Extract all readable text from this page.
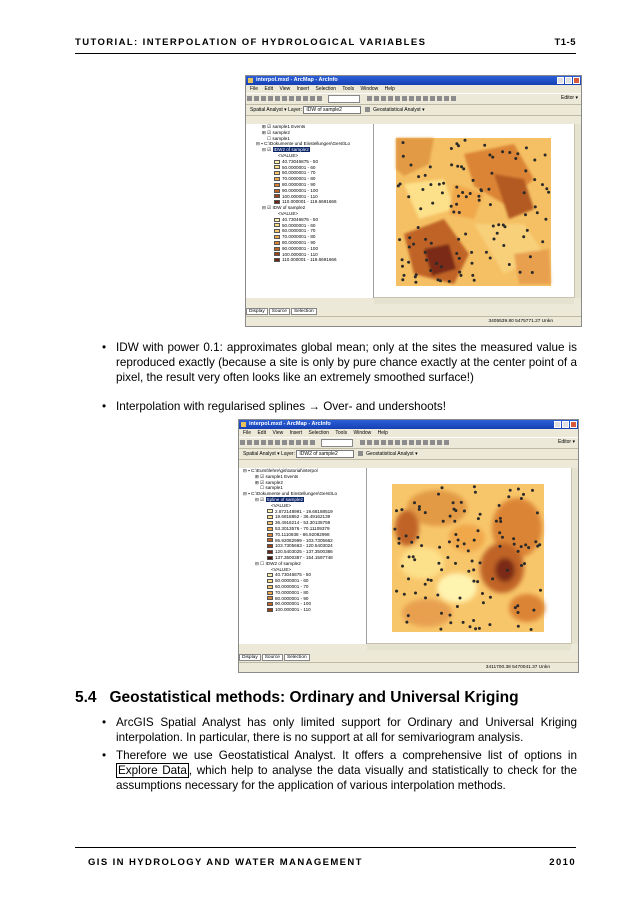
TUTORIAL: INTERPOLATION OF HYDROLOGICAL VARIABLES	T1-5
interpol.mxd - ArcMap - ArcInfo
File Edit View Insert Selection Tools Window Help

Editor ▾
Spatial Analyst ▾ Layer: IDW of sample2	Geostatistical Analyst ▾
⊞ ☑ sample1 Events
⊞ ☑ sample2
☐ sample1
⊟ ▪ C:\Dokumente und Einstellungen\Gerst\Lo
⊟ ☑ IDW2 of sample2
<VALUE>
40.73046875 - 50
50.0000001 - 60
60.0000001 - 70
70.0000001 - 80
80.0000001 - 90
90.0000001 - 100
100.000001 - 110
110.000001 - 119.6691666
⊟ ☑ IDW of sample2
<VALUE>
40.73046875 - 50
50.0000001 - 60
60.0000001 - 70
70.0000001 - 80
80.0000001 - 90
90.0000001 - 100
100.000001 - 110
110.000001 - 119.6691666
Display Source Selection
3405539.80 5475771.27 Unkn
• IDW with power 0.1: approximates global mean; only at the sites the measured value is reproduced exactly (because a site is only by pure chance exactly at the center point of a pixel, the result very often looks like an extremely smoothed surface!)
• Interpolation with regularised splines → Over- and undershoots!
interpol.mxd - ArcMap - ArcInfo
File Edit View Insert Selection Tools Window Help

Editor ▾
Spatial Analyst ▾ Layer: IDW2 of sample2	Geostatistical Analyst ▾
⊟ ▪ C:\Eurst\lehre\gis\tutorial\interpol
⊞ ☑ sample1 Events
⊞ ☑ sample2
☐ sample1
⊟ ▪ C:\Dokumente und Einstellungen\Gerst\Lo
⊟ ☑ Spline of sample2
<VALUE>
2.872148991 - 19.68188519
19.6818852 - 36.49162139
36.4916214 - 53.30135759
53.3013576 - 70.11109379
70.1110938 - 86.92082998
86.92082999 - 103.7305662
103.7305663 - 120.5403024
120.5403025 - 137.3500386
137.3500387 - 154.1597748
⊟ ☐ IDW2 of sample2
<VALUE>
40.73046875 - 50
50.0000001 - 60
60.0000001 - 70
70.0000001 - 80
80.0000001 - 90
90.0000001 - 100
100.000001 - 110
Display Source Selection
3411700.38 5470041.37 Unkn
5.4 Geostatistical methods: Ordinary and Universal Kriging
• ArcGIS Spatial Analyst has only limited support for Ordinary and Universal Kriging interpolation. In particular, there is no support at all for semivariogram analysis.
• Therefore we use Geostatistical Analyst. It offers a comprehensive list of options in Explore Data , which help to analyse the data visually and statistically to check for the assumptions necessary for the application of various interpolation methods.
GIS IN HYDROLOGY AND WATER MANAGEMENT	2010
